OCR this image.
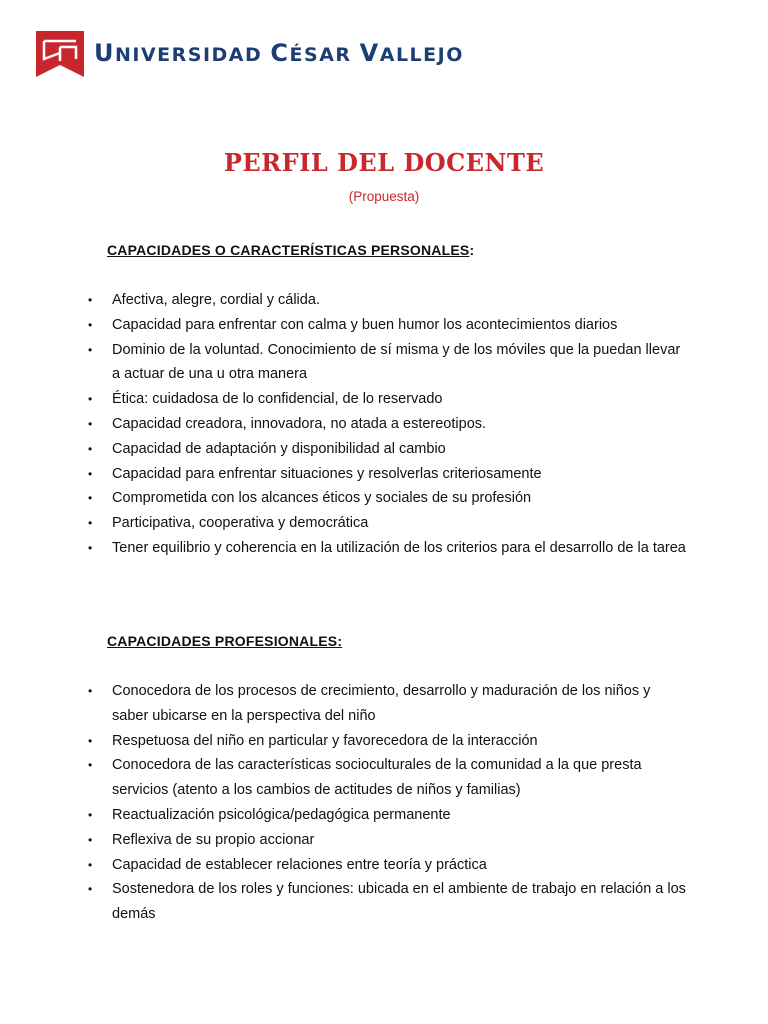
UNIVERSIDAD CÉSAR VALLEJO
PERFIL DEL DOCENTE
(Propuesta)
CAPACIDADES O CARACTERÍSTICAS PERSONALES:
• Afectiva, alegre, cordial y cálida.
• Capacidad para enfrentar con calma y buen humor los acontecimientos diarios
• Dominio de la voluntad. Conocimiento de sí misma y de los móviles que la puedan llevar a actuar de una u otra manera
• Ética: cuidadosa de lo confidencial, de lo reservado
• Capacidad creadora, innovadora, no atada a estereotipos.
• Capacidad de adaptación y disponibilidad al cambio
• Capacidad para enfrentar situaciones y resolverlas criteriosamente
• Comprometida con los alcances éticos y sociales de su profesión
• Participativa, cooperativa y democrática
• Tener equilibrio y coherencia en la utilización de los criterios para el desarrollo de la tarea
CAPACIDADES PROFESIONALES:
• Conocedora de los procesos de crecimiento, desarrollo y maduración de los niños y saber ubicarse en la perspectiva del niño
• Respetuosa del niño en particular y favorecedora de la interacción
• Conocedora de las características socioculturales de la comunidad a la que presta servicios (atento a los cambios de actitudes de niños y familias)
• Reactualización psicológica/pedagógica permanente
• Reflexiva de su propio accionar
• Capacidad de establecer relaciones entre teoría y práctica
• Sostenedora de los roles y funciones: ubicada en el ambiente de trabajo en relación a los demás
